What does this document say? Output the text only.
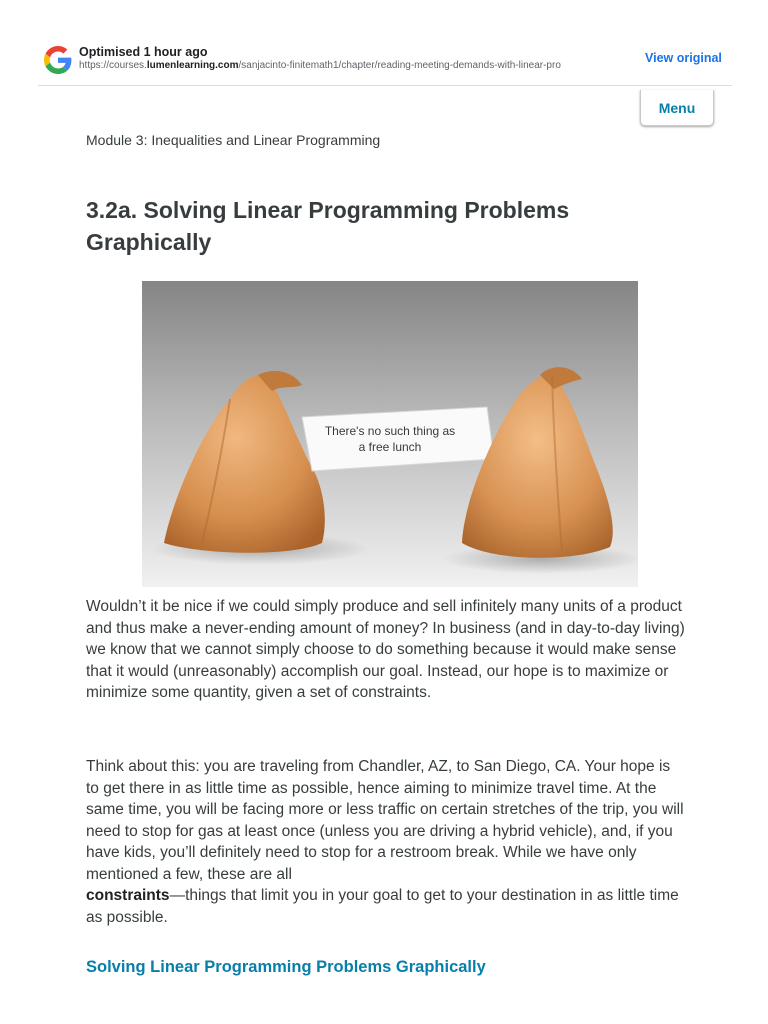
Optimised 1 hour ago
https://courses.lumenlearning.com/sanjacinto-finitemath1/chapter/reading-meeting-demands-with-linear-pro
View original
Menu
Module 3: Inequalities and Linear Programming
3.2a. Solving Linear Programming Problems Graphically
There's no such thing as
a free lunch

Wouldn’t it be nice if we could simply produce and sell infinitely many units of a product and thus make a never-ending amount of money? In business (and in day-to-day living) we know that we cannot simply choose to do something because it would make sense that it would (unreasonably) accomplish our goal. Instead, our hope is to maximize or minimize some quantity, given a set of constraints.

Think about this: you are traveling from Chandler, AZ, to San Diego, CA. Your hope is to get there in as little time as possible, hence aiming to minimize travel time. At the same time, you will be facing more or less traffic on certain stretches of the trip, you will need to stop for gas at least once (unless you are driving a hybrid vehicle), and, if you have kids, you’ll definitely need to stop for a restroom break. While we have only mentioned a few, these are all
constraints—things that limit you in your goal to get to your destination in as little time as possible.

Solving Linear Programming Problems Graphically
